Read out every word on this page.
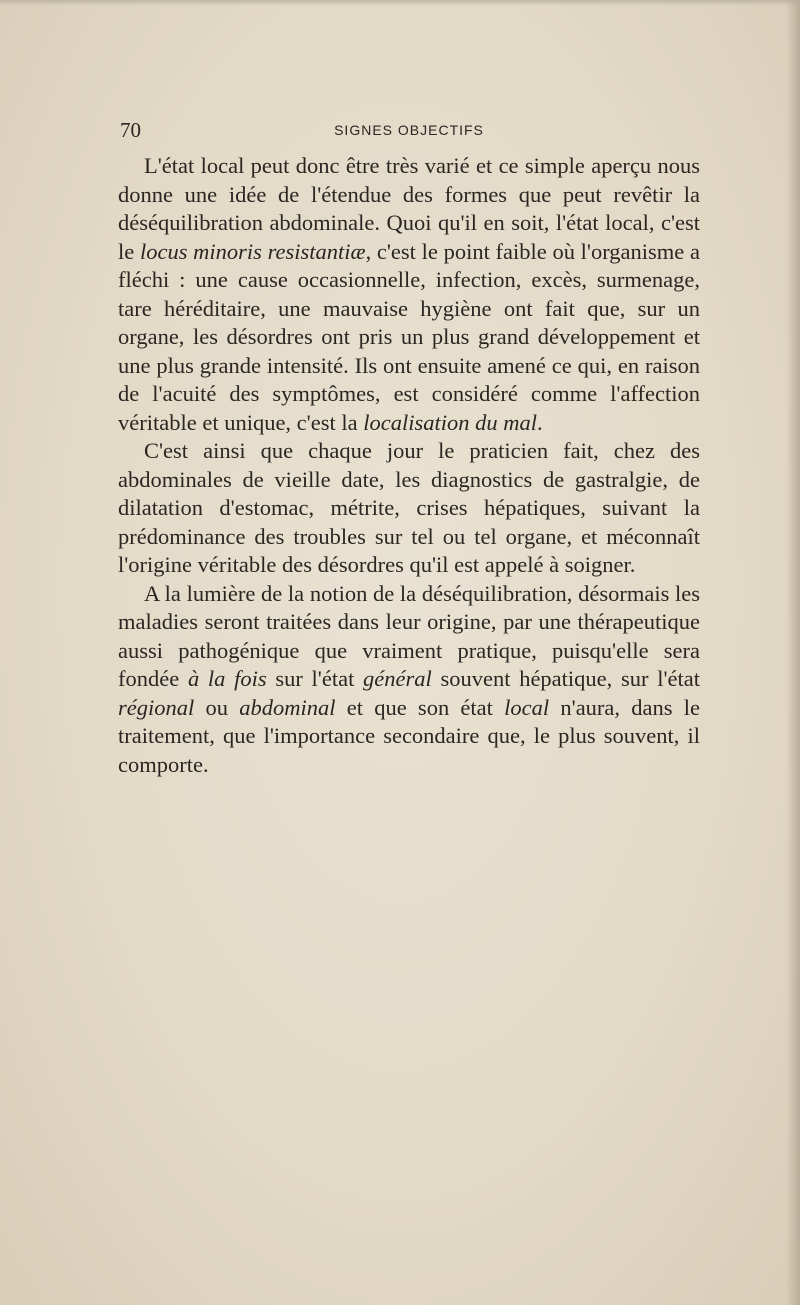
70	SIGNES OBJECTIFS

L'état local peut donc être très varié et ce simple aperçu nous donne une idée de l'étendue des formes que peut revêtir la déséquilibration abdominale. Quoi qu'il en soit, l'état local, c'est le locus minoris resistantiæ, c'est le point faible où l'organisme a fléchi : une cause occasionnelle, infection, excès, surmenage, tare héréditaire, une mauvaise hygiène ont fait que, sur un organe, les désordres ont pris un plus grand développement et une plus grande intensité. Ils ont ensuite amené ce qui, en raison de l'acuité des symptômes, est considéré comme l'affection véritable et unique, c'est la localisation du mal.

C'est ainsi que chaque jour le praticien fait, chez des abdominales de vieille date, les diagnostics de gastralgie, de dilatation d'estomac, métrite, crises hépatiques, suivant la prédominance des troubles sur tel ou tel organe, et méconnaît l'origine véritable des désordres qu'il est appelé à soigner.

A la lumière de la notion de la déséquilibration, désormais les maladies seront traitées dans leur origine, par une thérapeutique aussi pathogénique que vraiment pratique, puisqu'elle sera fondée à la fois sur l'état général souvent hépatique, sur l'état régional ou abdominal et que son état local n'aura, dans le traitement, que l'importance secondaire que, le plus souvent, il comporte.
